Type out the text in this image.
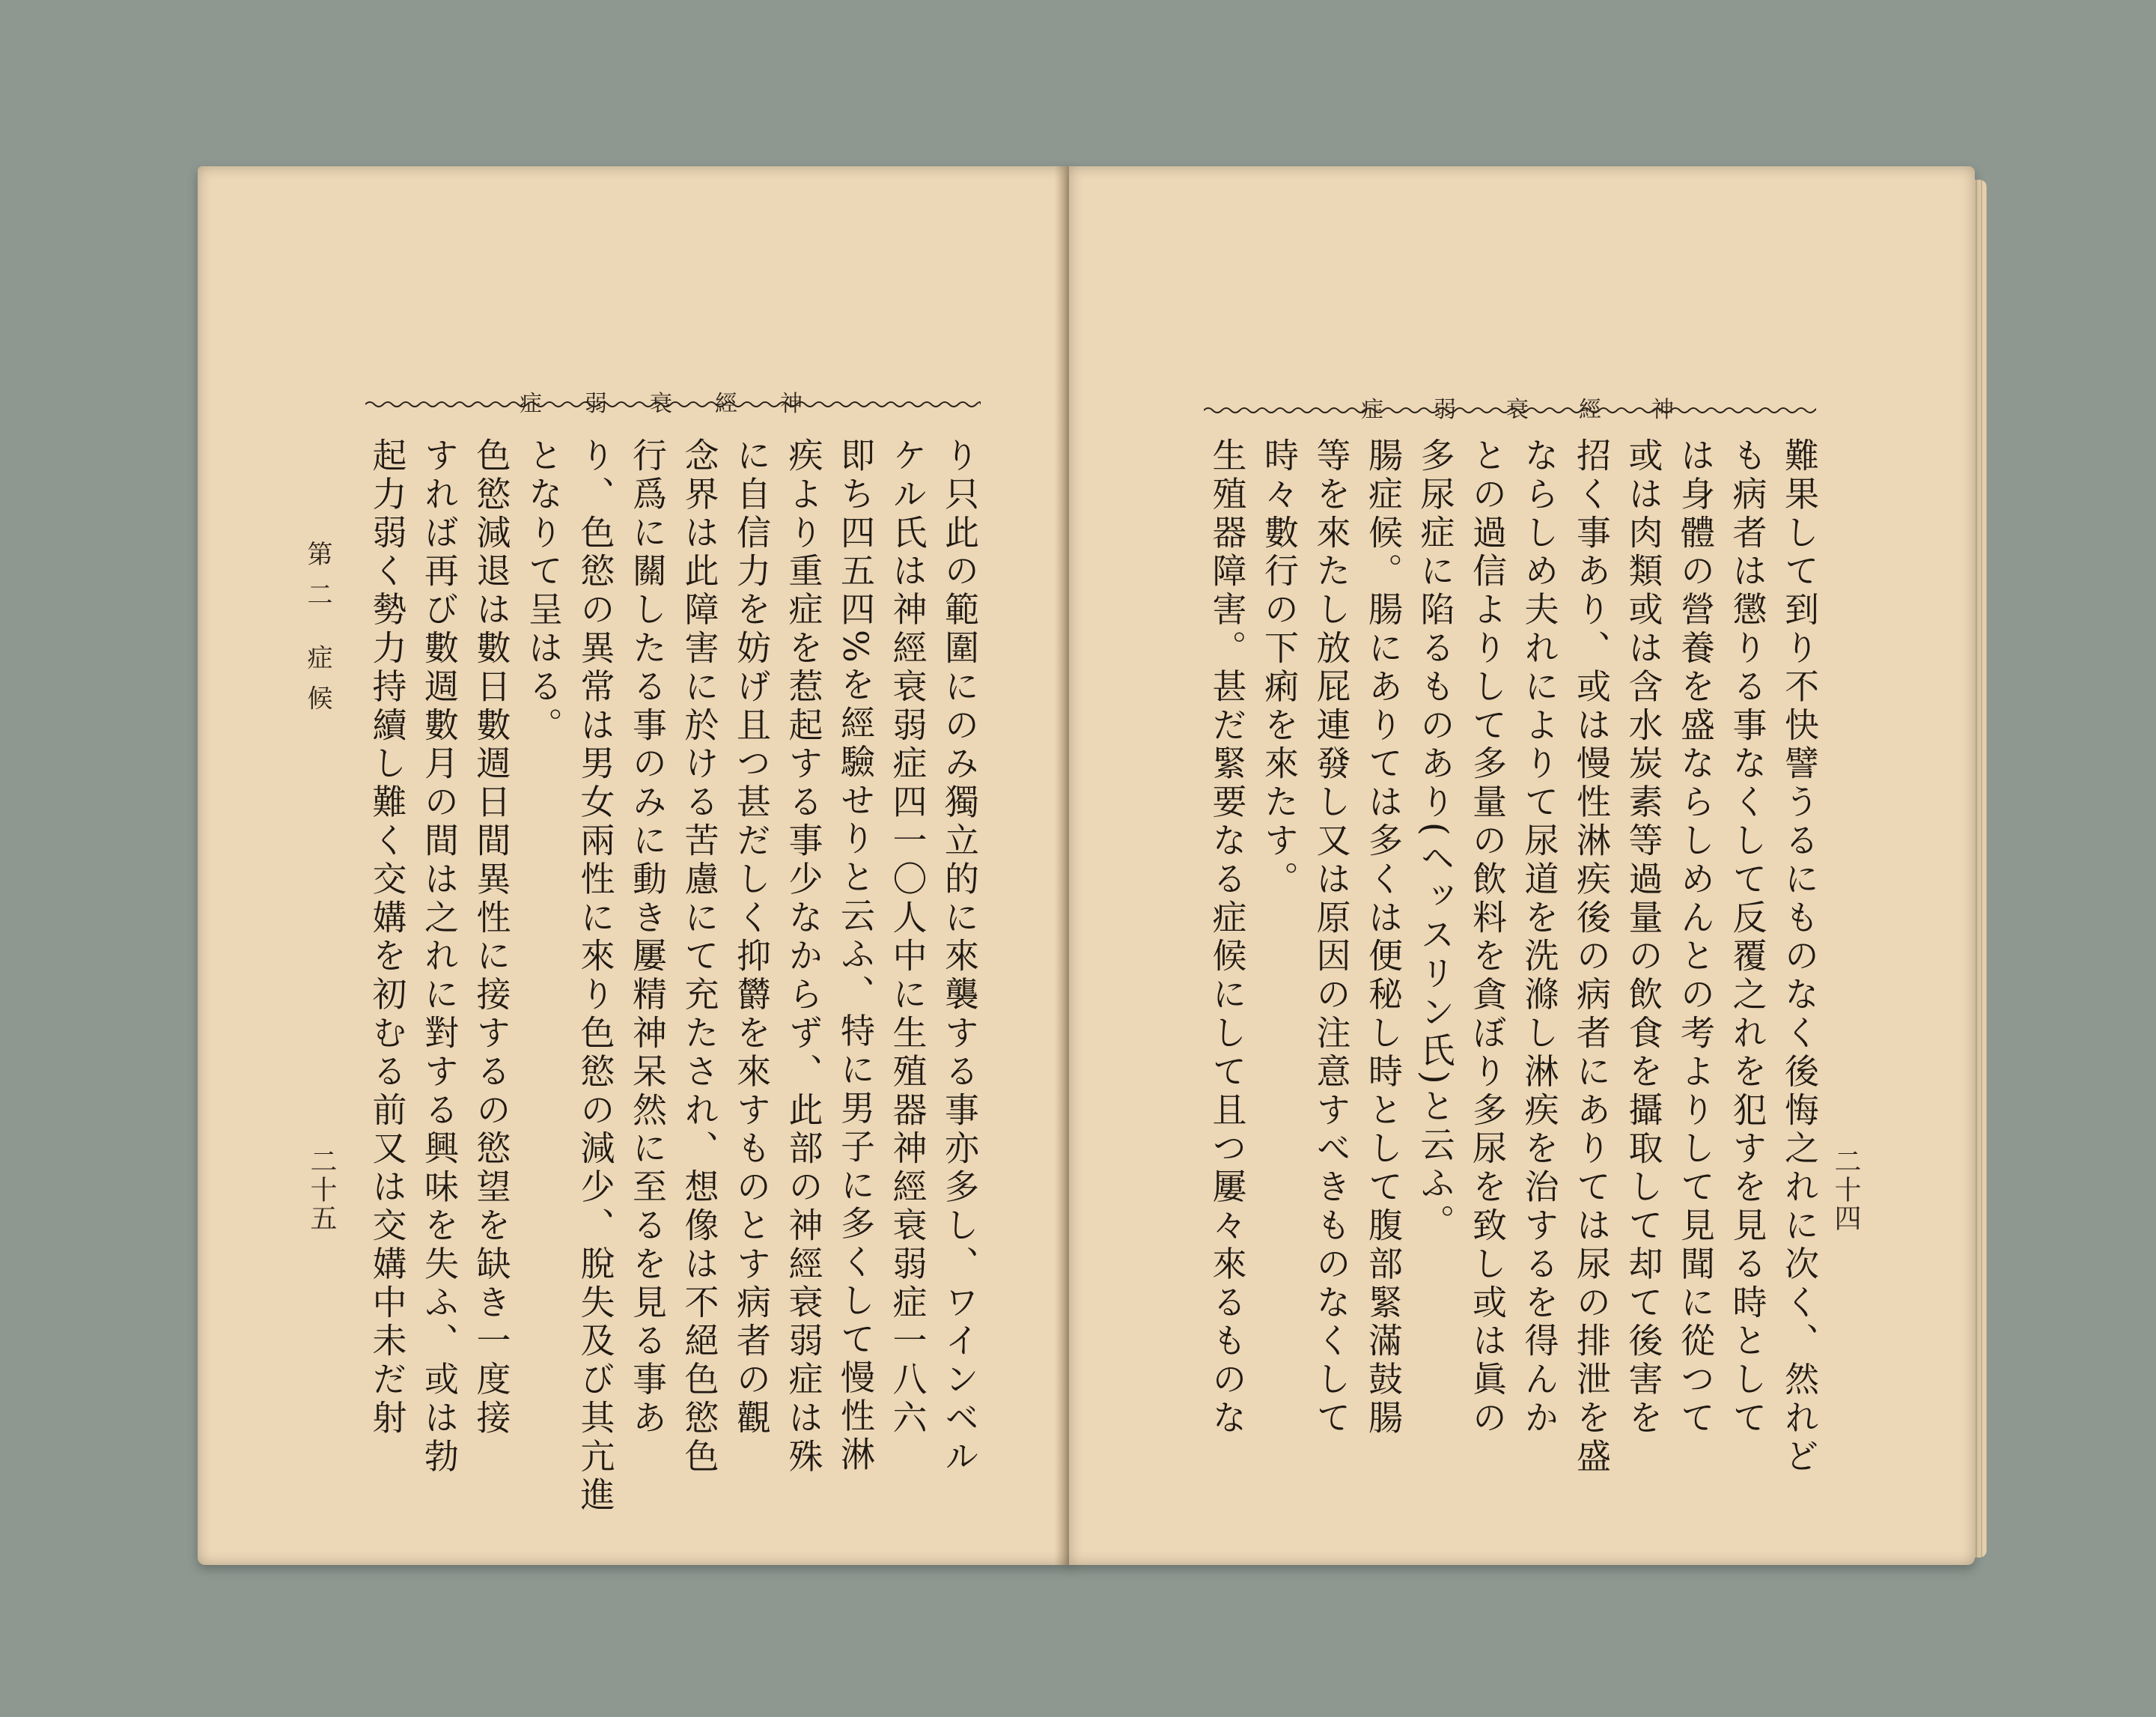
症 弱 衰 經 神
り只此の範圍にのみ獨立的に來襲する事亦多し、ワインベル
ケル氏は神經衰弱症四一〇人中に生殖器神經衰弱症一八六
即ち四五四%を經驗せりと云ふ、特に男子に多くして慢性淋
疾より重症を惹起する事少なからず、此部の神經衰弱症は殊
に自信力を妨げ且つ甚だしく抑欝を來すものとす病者の觀
念界は此障害に於ける苦慮にて充たされ、想像は不絕色慾色
行爲に關したる事のみに動き屢精神呆然に至るを見る事あ
り、色慾の異常は男女兩性に來り色慾の減少、脫失及び其亢進
となりて呈はる。
色慾減退は數日數週日間異性に接するの慾望を缺き一度接
すれば再び數週數月の間は之れに對する興味を失ふ、或は勃
起力弱く勢力持續し難く交媾を初むる前又は交媾中未だ射
第二 症候
二十五
症 弱 衰 經 神
難果して到り不快譬うるにものなく後悔之れに次く、然れど
も病者は懲りる事なくして反覆之れを犯すを見る時として
は身體の營養を盛ならしめんとの考よりして見聞に從つて
或は肉類或は含水炭素等過量の飲食を攝取して却て後害を
招く事あり、或は慢性淋疾後の病者にありては尿の排泄を盛
ならしめ夫れによりて尿道を洗滌し淋疾を治するを得んか
との過信よりして多量の飲料を貪ぼり多尿を致し或は眞の
多尿症に陷るものあり(ヘッスリン氏)と云ふ。
腸症候。腸にありては多くは便秘し時として腹部緊滿鼓腸
等を來たし放屁連發し又は原因の注意すべきものなくして
時々數行の下痢を來たす。
生殖器障害。甚だ緊要なる症候にして且つ屢々來るものな	二十四
